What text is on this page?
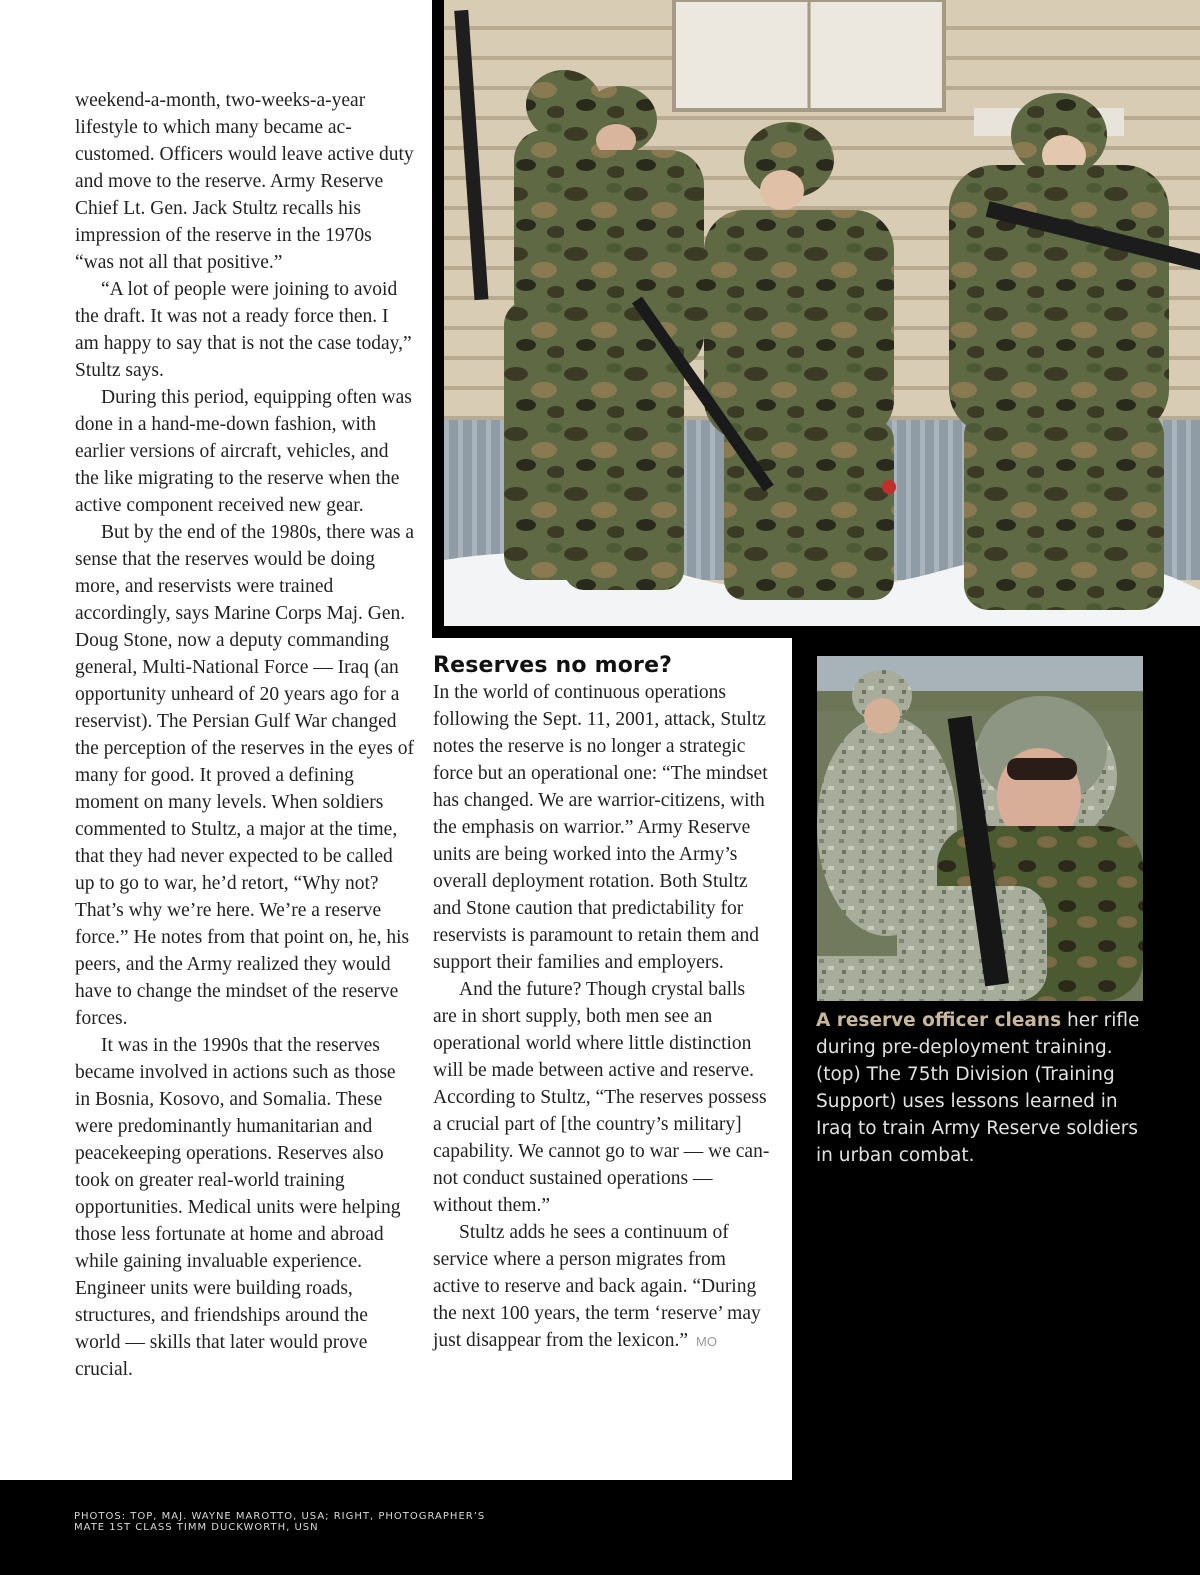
weekend-a-month, two-weeks-a-year lifestyle to which many became accustomed. Officers would leave active duty and move to the reserve. Army Reserve Chief Lt. Gen. Jack Stultz recalls his impression of the reserve in the 1970s “was not all that positive.”

“A lot of people were joining to avoid the draft. It was not a ready force then. I am happy to say that is not the case today,” Stultz says.

During this period, equipping often was done in a hand-me-down fashion, with earlier versions of aircraft, vehicles, and the like migrating to the reserve when the active component received new gear.

But by the end of the 1980s, there was a sense that the reserves would be doing more, and reservists were trained accordingly, says Marine Corps Maj. Gen. Doug Stone, now a deputy commanding general, Multi-National Force — Iraq (an opportunity unheard of 20 years ago for a reservist). The Persian Gulf War changed the perception of the reserves in the eyes of many for good. It proved a defining moment on many levels. When soldiers commented to Stultz, a major at the time, that they had never expected to be called up to go to war, he’d retort, “Why not? That’s why we’re here. We’re a reserve force.” He notes from that point on, he, his peers, and the Army realized they would have to change the mindset of the reserve forces.

It was in the 1990s that the reserves became involved in actions such as those in Bosnia, Kosovo, and Somalia. These were predominantly humanitarian and peacekeeping operations. Reserves also took on greater real-world training opportunities. Medical units were helping those less fortunate at home and abroad while gaining invaluable experience. Engineer units were building roads, structures, and friendships around the world — skills that later would prove crucial.

Reserves no more?

In the world of continuous operations following the Sept. 11, 2001, attack, Stultz notes the reserve is no longer a strategic force but an operational one: “The mindset has changed. We are warrior-citizens, with the emphasis on warrior.” Army Reserve units are being worked into the Army’s overall deployment rotation. Both Stultz and Stone caution that predictability for reservists is paramount to retain them and support their families and employers.

And the future? Though crystal balls are in short supply, both men see an operational world where little distinction will be made between active and reserve. According to Stultz, “The reserves possess a crucial part of [the country’s military] capability. We cannot go to war — we cannot conduct sustained operations — without them.”

Stultz adds he sees a continuum of service where a person migrates from active to reserve and back again. “During the next 100 years, the term ‘reserve’ may just disappear from the lexicon.” MO

A reserve officer cleans her rifle during pre-deployment training. (top) The 75th Division (Training Support) uses lessons learned in Iraq to train Army Reserve soldiers in urban combat.
PHOTOS: TOP, MAJ. WAYNE MAROTTO, USA; RIGHT, PHOTOGRAPHER’S
MATE 1ST CLASS TIMM DUCKWORTH, USN
